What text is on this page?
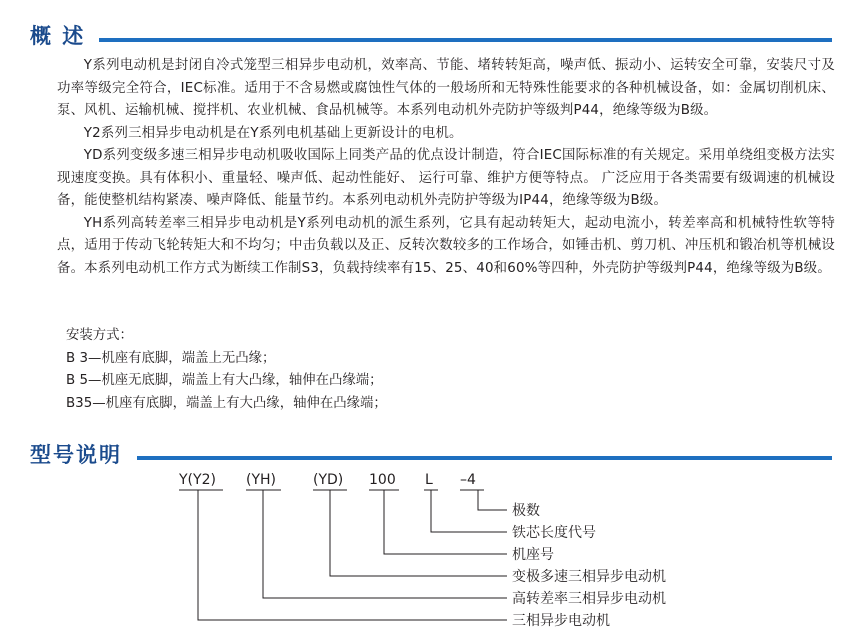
概 述

Y系列电动机是封闭自冷式笼型三相异步电动机，效率高、节能、堵转转矩高，噪声低、振动小、运转安全可靠，安装尺寸及功率等级完全符合，IEC标准。适用于不含易燃或腐蚀性气体的一般场所和无特殊性能要求的各种机械设备，如：金属切削机床、泵、风机、运输机械、搅拌机、农业机械、食品机械等。本系列电动机外壳防护等级判P44，绝缘等级为B级。

Y2系列三相异步电动机是在Y系列电机基础上更新设计的电机。

YD系列变级多速三相异步电动机吸收国际上同类产品的优点设计制造，符合IEC国际标准的有关规定。采用单绕组变极方法实现速度变换。具有体积小、重量轻、噪声低、起动性能好、 运行可靠、维护方便等特点。 广泛应用于各类需要有级调速的机械设备，能使整机结构紧凑、噪声降低、能量节约。本系列电动机外壳防护等级为IP44，绝缘等级为B级。

YH系列高转差率三相异步电动机是Y系列电动机的派生系列，它具有起动转矩大，起动电流小，转差率高和机械特性软等特点，适用于传动飞轮转矩大和不均匀；中击负载以及正、反转次数较多的工作场合，如锤击机、剪刀机、冲压机和锻冶机等机械设备。本系列电动机工作方式为断续工作制S3，负载持续率有15、25、40和60%等四种，外壳防护等级判P44，绝缘等级为B级。

安装方式：
B 3—机座有底脚，端盖上无凸缘；
B 5—机座无底脚，端盖上有大凸缘，轴伸在凸缘端；
B35—机座有底脚，端盖上有大凸缘，轴伸在凸缘端；
型号说明
Y(Y2) (YH)	(YD) 100 L –4
极数
铁芯长度代号
机座号
变极多速三相异步电动机
高转差率三相异步电动机
三相异步电动机
